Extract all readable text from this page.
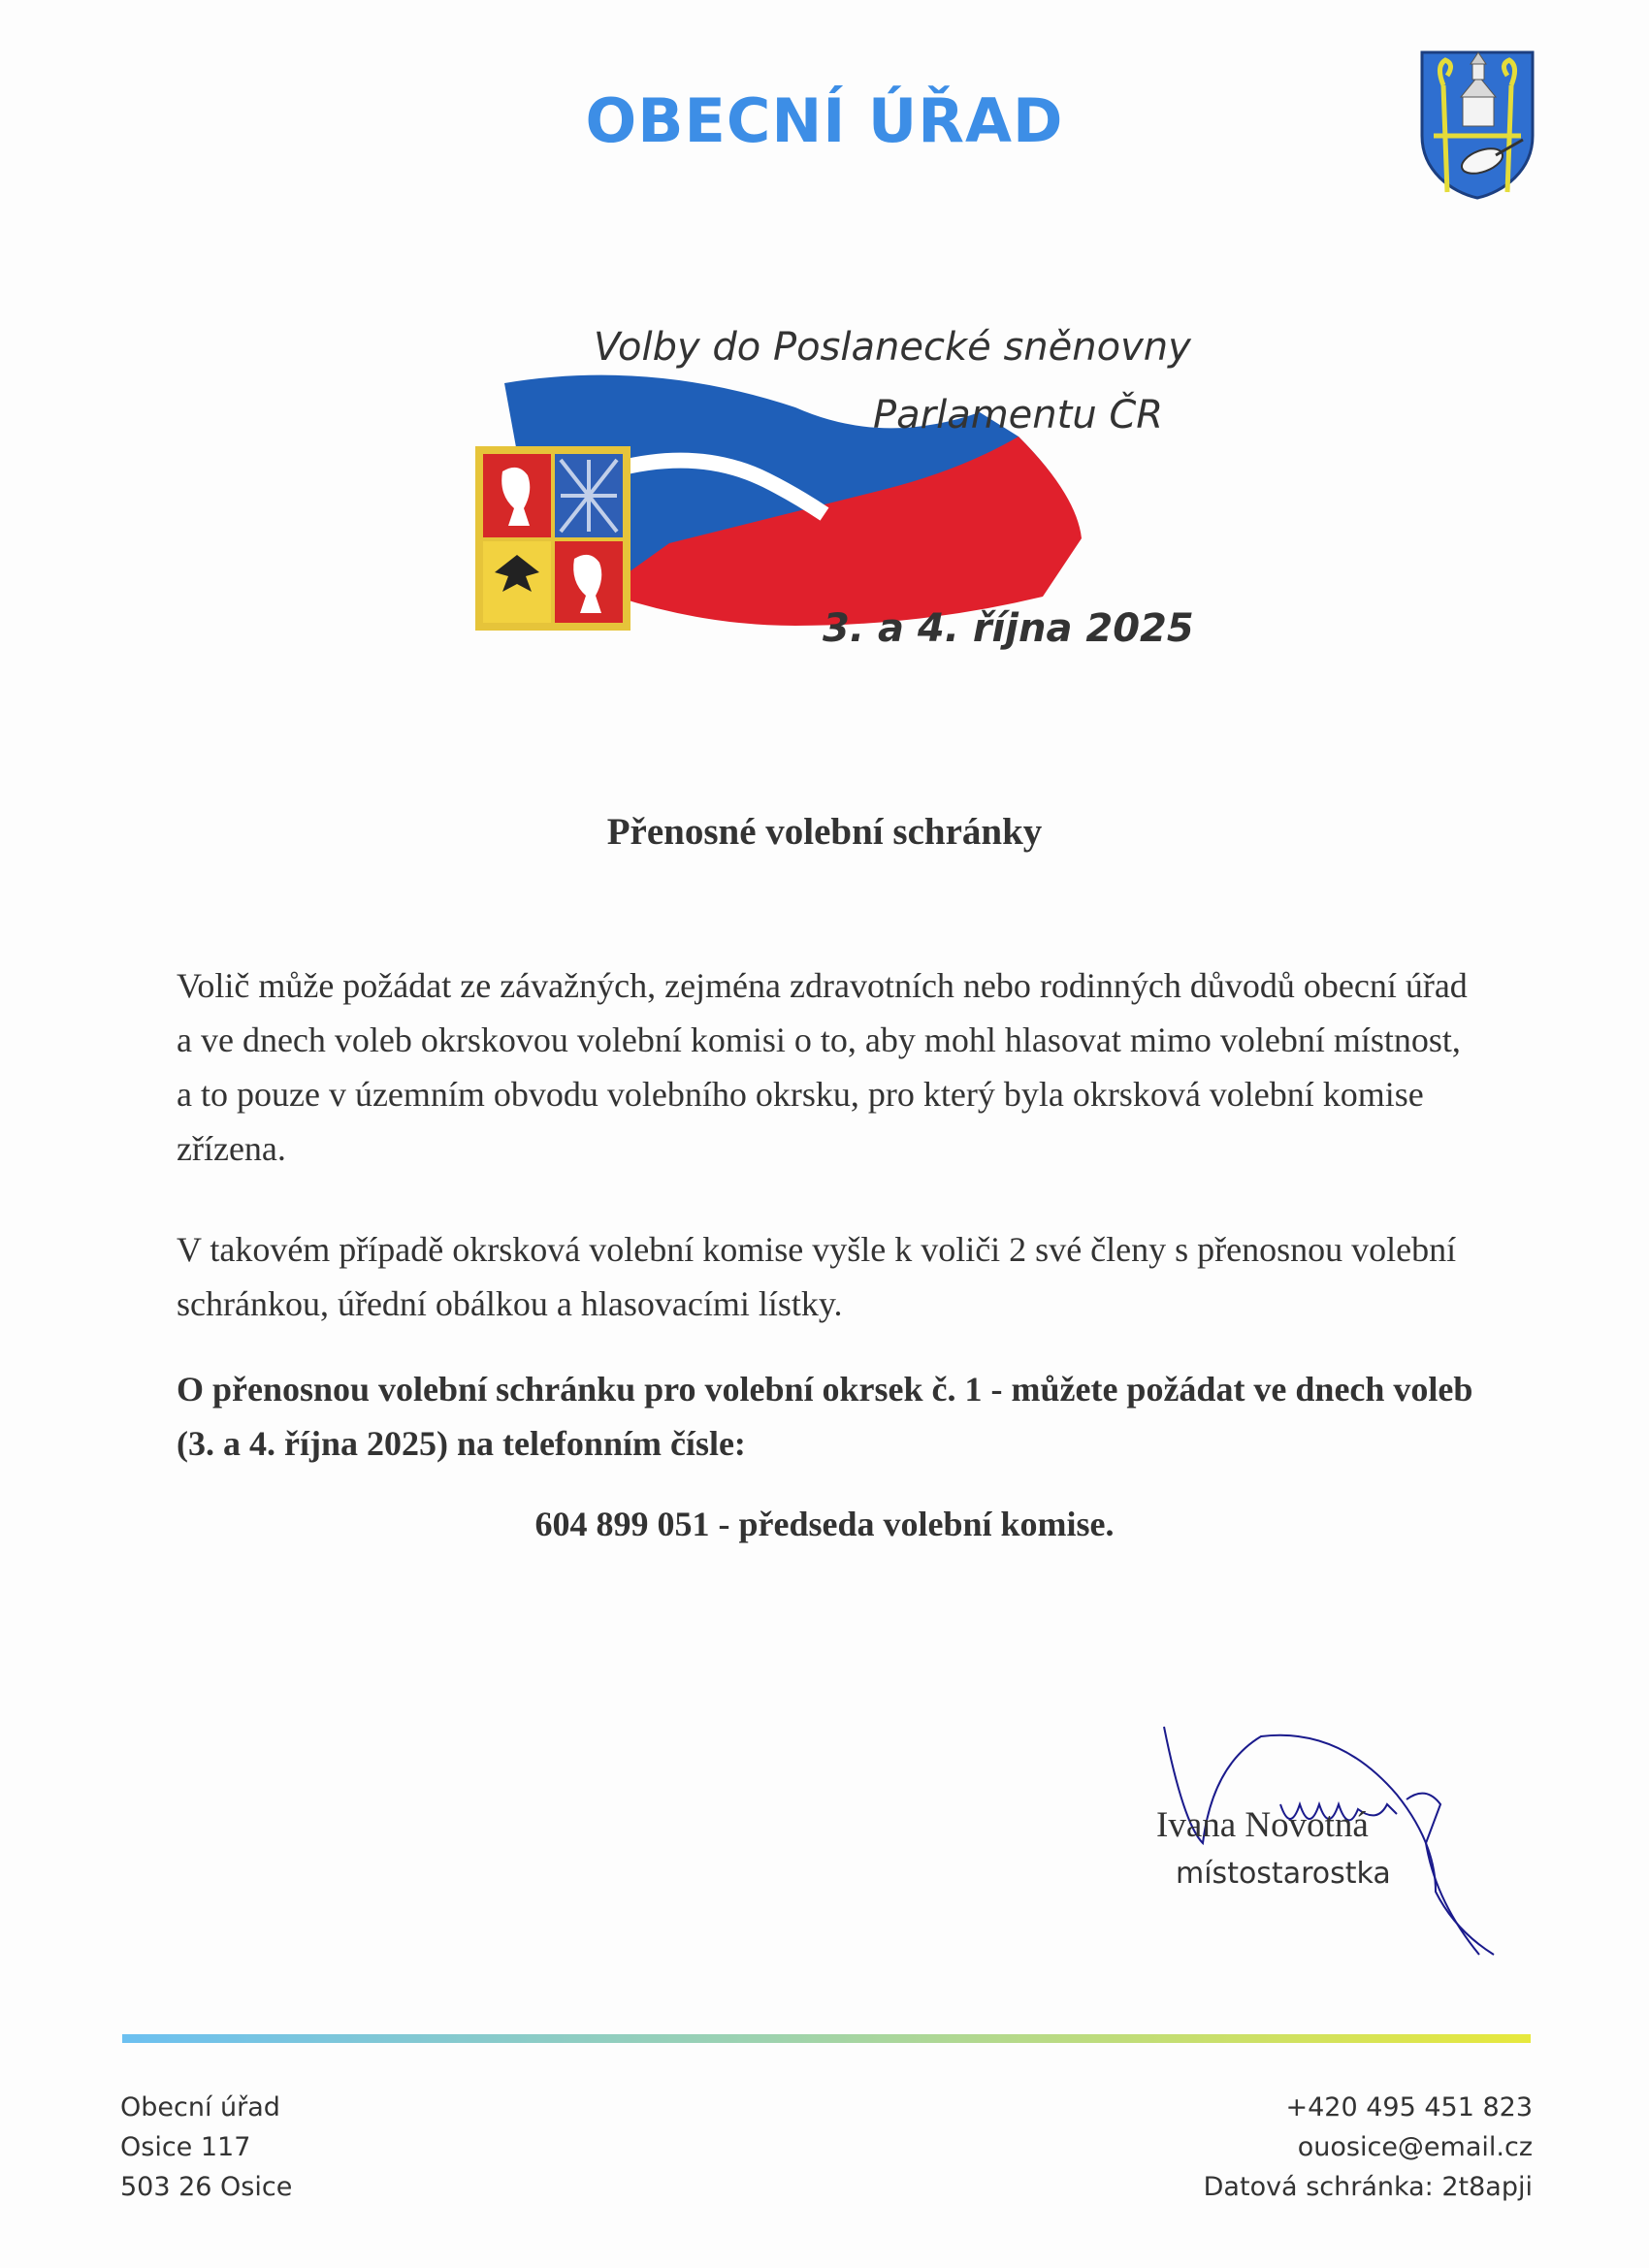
OBECNÍ ÚŘAD
Volby do Poslanecké sněnovny
Parlamentu ČR
3. a 4. října 2025
Přenosné volební schránky
Volič může požádat ze závažných, zejména zdravotních nebo rodinných důvodů obecní úřad a ve dnech voleb okrskovou volební komisi o to, aby mohl hlasovat mimo volební místnost, a to pouze v územním obvodu volebního okrsku, pro který byla okrsková volební komise zřízena.
V takovém případě okrsková volební komise vyšle k voliči 2 své členy s přenosnou volební schránkou, úřední obálkou a hlasovacími lístky.
O přenosnou volební schránku pro volební okrsek č. 1 - můžete požádat ve dnech voleb (3. a 4. října 2025) na telefonním čísle:
604 899 051 - předseda volební komise.
Ivana Novotná
místostarostka
Obecní úřad
Osice 117
503 26 Osice
+420 495 451 823
ouosice@email.cz
Datová schránka: 2t8apji
